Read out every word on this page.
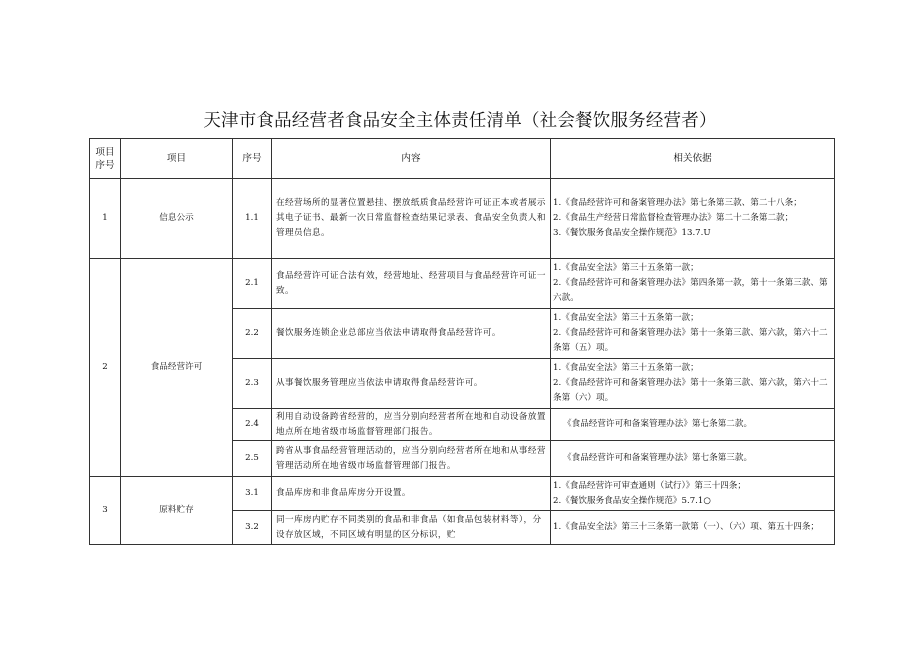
天津市食品经营者食品安全主体责任清单（社会餐饮服务经营者）
项目
序号	项目	序号	内容	相关依据
1	信息公示	1.1	在经营场所的显著位置悬挂、摆放纸质食品经营许可证正本或者展示其电子证书、最新一次日常监督检查结果记录表、食品安全负责人和管理员信息。	1.《食品经营许可和备案管理办法》第七条第三款、第二十八条；
2.《食品生产经营日常监督检查管理办法》第二十二条第二款；
3.《餐饮服务食品安全操作规范》13.7.U

2	食品经营许可	2.1	食品经营许可证合法有效，经营地址、经营项目与食品经营许可证一致。	1.《食品安全法》第三十五条第一款；
2.《食品经营许可和备案管理办法》第四条第一款，第十一条第三款、第六款。

		2.2	餐饮服务连锁企业总部应当依法申请取得食品经营许可。	1.《食品安全法》第三十五条第一款；
2.《食品经营许可和备案管理办法》第十一条第三款、第六款，第六十二条第（五）项。

		2.3	从事餐饮服务管理应当依法申请取得食品经营许可。	1.《食品安全法》第三十五条第一款；
2.《食品经营许可和备案管理办法》第十一条第三款、第六款，第六十二条第（六）项。

		2.4	利用自动设备跨省经营的，应当分别向经营者所在地和自动设备放置地点所在地省级市场监督管理部门报告。	《食品经营许可和备案管理办法》第七条第二款。

		2.5	跨省从事食品经营管理活动的，应当分别向经营者所在地和从事经营管理活动所在地省级市场监督管理部门报告。	《食品经营许可和备案管理办法》第七条第三款。

3	原料贮存	3.1	食品库房和非食品库房分开设置。	1.《食品经营许可审查通则（试行）》第三十四条；
2.《餐饮服务食品安全操作规范》5.7.1○

		3.2	同一库房内贮存不同类别的食品和非食品（如食品包装材料等），分设存放区域，不同区域有明显的区分标识，贮	1.《食品安全法》第三十三条第一款第（一）、（六）项、第五十四条；
